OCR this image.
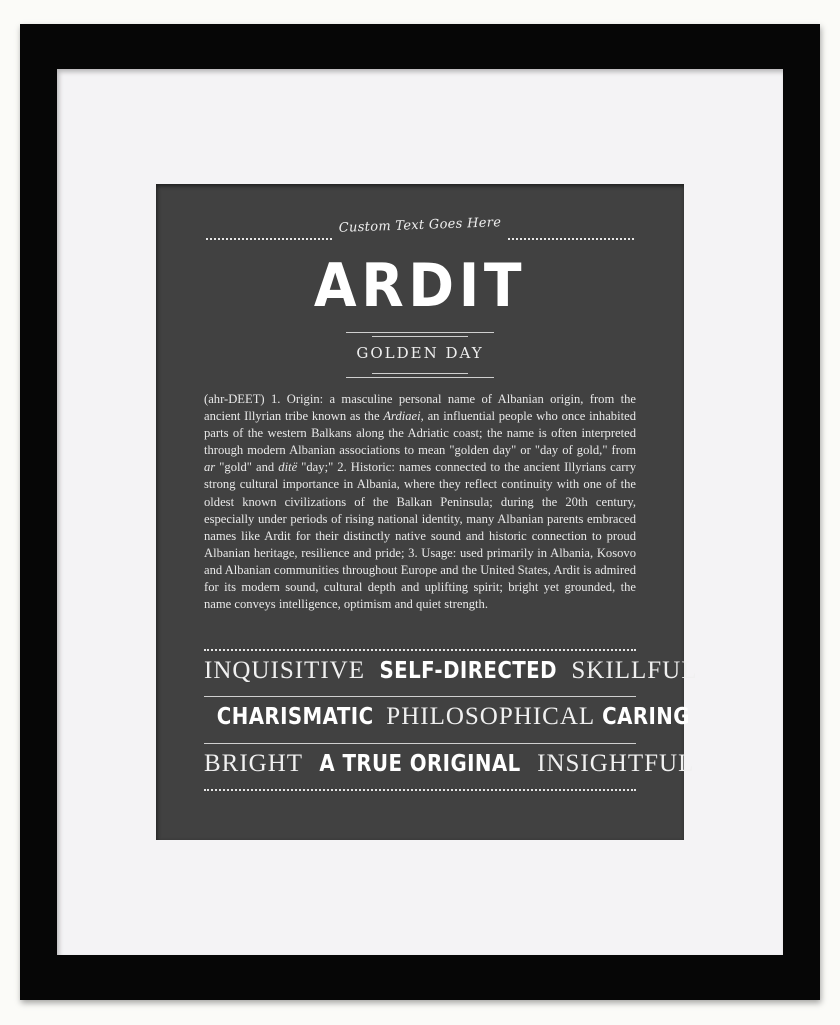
Custom Text Goes Here
ARDIT
GOLDEN DAY
(ahr-DEET) 1. Origin: a masculine personal name of Albanian origin, from the ancient Illyrian tribe known as the Ardiaei, an influential people who once inhabited parts of the western Balkans along the Adriatic coast; the name is often interpreted through modern Albanian associations to mean "golden day" or "day of gold," from ar "gold" and ditë "day;" 2. Historic: names connected to the ancient Illyrians carry strong cultural importance in Albania, where they reflect continuity with one of the oldest known civilizations of the Balkan Peninsula; during the 20th century, especially under periods of rising national identity, many Albanian parents embraced names like Ardit for their distinctly native sound and historic connection to proud Albanian heritage, resilience and pride; 3. Usage: used primarily in Albania, Kosovo and Albanian communities throughout Europe and the United States, Ardit is admired for its modern sound, cultural depth and uplifting spirit; bright yet grounded, the name conveys intelligence, optimism and quiet strength.
INQUISITIVE SELF-DIRECTED SKILLFUL
CHARISMATIC PHILOSOPHICAL CARING
BRIGHT A TRUE ORIGINAL INSIGHTFUL
